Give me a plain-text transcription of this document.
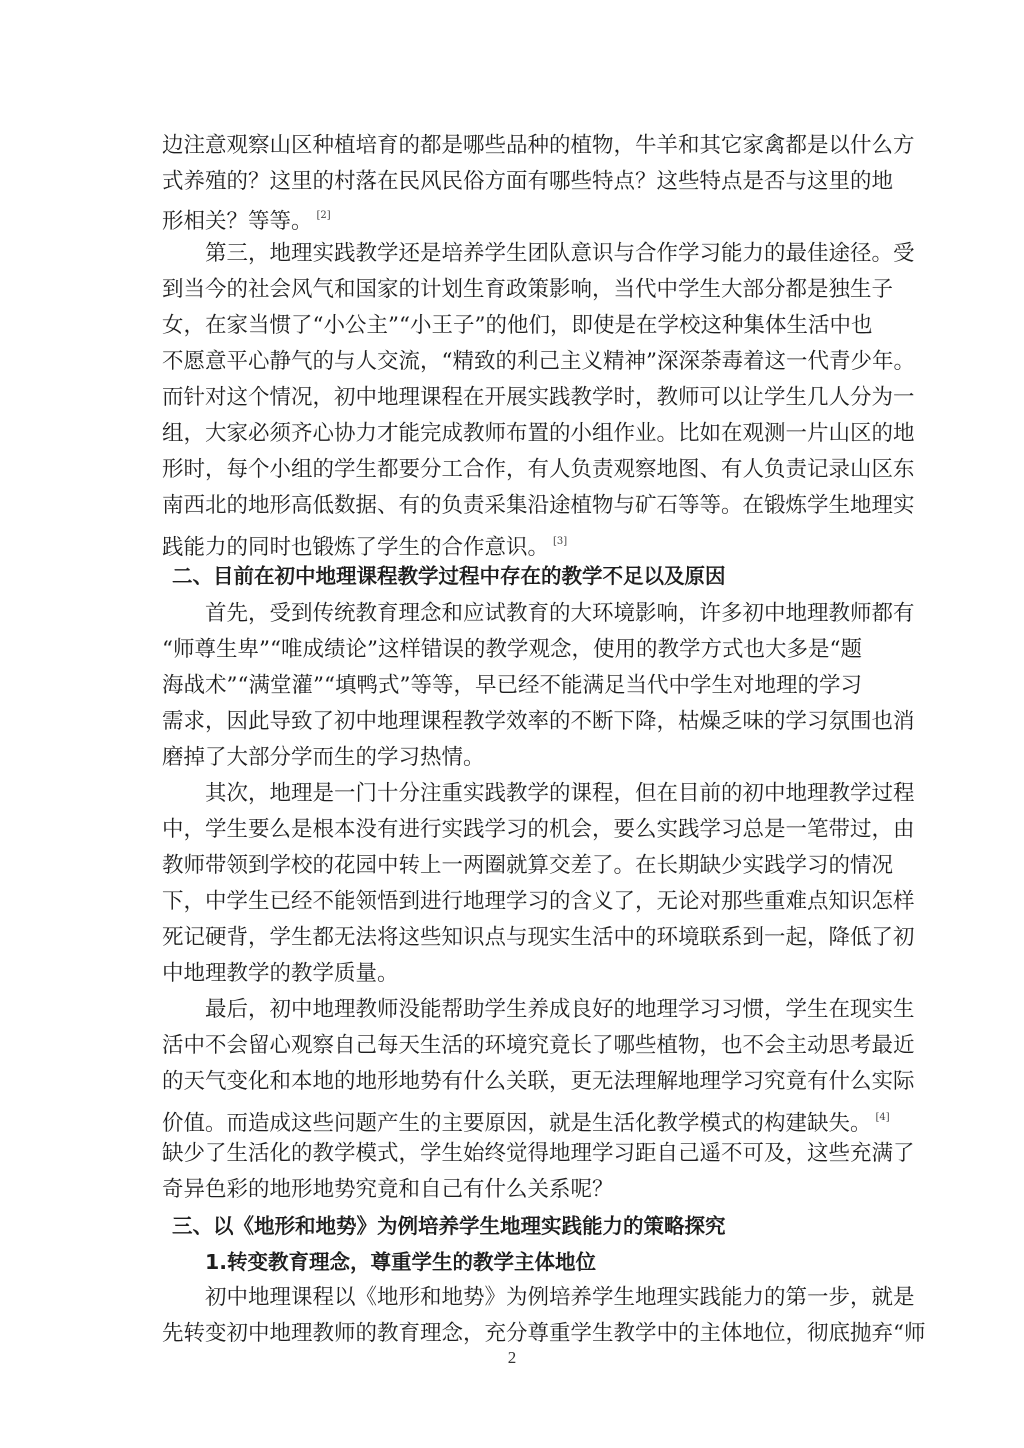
边注意观察山区种植培育的都是哪些品种的植物，牛羊和其它家禽都是以什么方

式养殖的？这里的村落在民风民俗方面有哪些特点？这些特点是否与这里的地

形相关？等等。 [2]

第三，地理实践教学还是培养学生团队意识与合作学习能力的最佳途径。受

到当今的社会风气和国家的计划生育政策影响，当代中学生大部分都是独生子

女，在家当惯了“小公主”“小王子”的他们，即使是在学校这种集体生活中也

不愿意平心静气的与人交流，“精致的利己主义精神”深深荼毒着这一代青少年。

而针对这个情况，初中地理课程在开展实践教学时，教师可以让学生几人分为一

组，大家必须齐心协力才能完成教师布置的小组作业。比如在观测一片山区的地

形时，每个小组的学生都要分工合作，有人负责观察地图、有人负责记录山区东

南西北的地形高低数据、有的负责采集沿途植物与矿石等等。在锻炼学生地理实

践能力的同时也锻炼了学生的合作意识。 [3]

二、目前在初中地理课程教学过程中存在的教学不足以及原因

首先，受到传统教育理念和应试教育的大环境影响，许多初中地理教师都有

“师尊生卑”“唯成绩论”这样错误的教学观念，使用的教学方式也大多是“题

海战术”“满堂灌”“填鸭式”等等，早已经不能满足当代中学生对地理的学习

需求，因此导致了初中地理课程教学效率的不断下降，枯燥乏味的学习氛围也消

磨掉了大部分学而生的学习热情。

其次，地理是一门十分注重实践教学的课程，但在目前的初中地理教学过程

中，学生要么是根本没有进行实践学习的机会，要么实践学习总是一笔带过，由

教师带领到学校的花园中转上一两圈就算交差了。在长期缺少实践学习的情况

下，中学生已经不能领悟到进行地理学习的含义了，无论对那些重难点知识怎样

死记硬背，学生都无法将这些知识点与现实生活中的环境联系到一起，降低了初

中地理教学的教学质量。

最后，初中地理教师没能帮助学生养成良好的地理学习习惯，学生在现实生

活中不会留心观察自己每天生活的环境究竟长了哪些植物，也不会主动思考最近

的天气变化和本地的地形地势有什么关联，更无法理解地理学习究竟有什么实际

价值。而造成这些问题产生的主要原因，就是生活化教学模式的构建缺失。 [4]

缺少了生活化的教学模式，学生始终觉得地理学习距自己遥不可及，这些充满了

奇异色彩的地形地势究竟和自己有什么关系呢？

三、以《地形和地势》为例培养学生地理实践能力的策略探究

1.转变教育理念，尊重学生的教学主体地位

初中地理课程以《地形和地势》为例培养学生地理实践能力的第一步，就是

先转变初中地理教师的教育理念，充分尊重学生教学中的主体地位，彻底抛弃“师

2
